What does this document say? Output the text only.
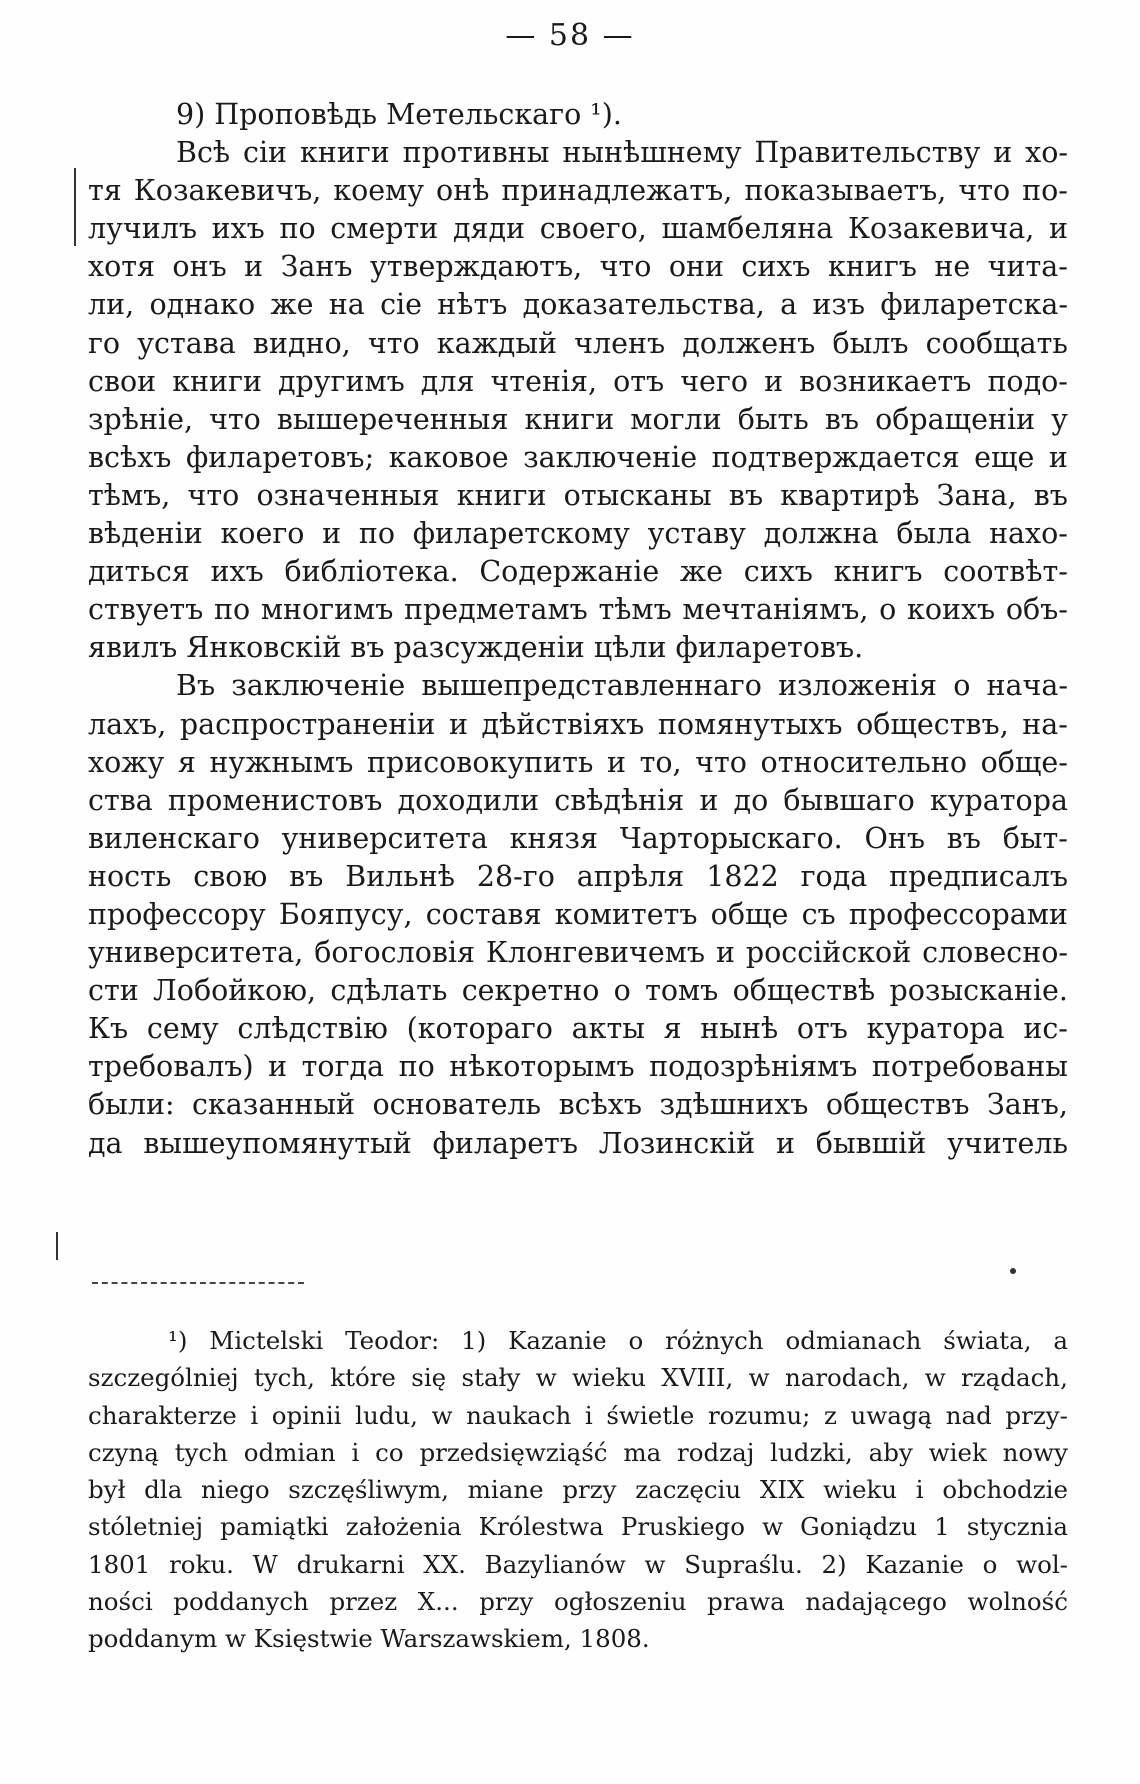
— 58 —
9) Проповѣдь Метельскаго ¹).
Всѣ сіи книги противны нынѣшнему Правительству и хо-
тя Козакевичъ, коему онѣ принадлежатъ, показываетъ, что по-
лучилъ ихъ по смерти дяди своего, шамбеляна Козакевича, и
хотя онъ и Занъ утверждаютъ, что они сихъ книгъ не чита-
ли, однако же на сіе нѣтъ доказательства, а изъ филаретска-
го устава видно, что каждый членъ долженъ былъ сообщать
свои книги другимъ для чтенія, отъ чего и возникаетъ подо-
зрѣніе, что вышереченныя книги могли быть въ обращеніи у
всѣхъ филаретовъ; каковое заключеніе подтверждается еще и
тѣмъ, что означенныя книги отысканы въ квартирѣ Зана, въ
вѣденіи коего и по филаретскому уставу должна была нахо-
диться ихъ библіотека. Содержаніе же сихъ книгъ соотвѣт-
ствуетъ по многимъ предметамъ тѣмъ мечтаніямъ, о коихъ объ-
явилъ Янковскій въ разсужденіи цѣли филаретовъ.
Въ заключеніе вышепредставленнаго изложенія о нача-
лахъ, распространеніи и дѣйствіяхъ помянутыхъ обществъ, на-
хожу я нужнымъ присовокупить и то, что относительно обще-
ства променистовъ доходили свѣдѣнія и до бывшаго куратора
виленскаго университета князя Чарторыскаго. Онъ въ быт-
ность свою въ Вильнѣ 28-го апрѣля 1822 года предписалъ
профессору Бояпусу, составя комитетъ обще съ профессорами
университета, богословія Клонгевичемъ и россійской словесно-
сти Лобойкою, сдѣлать секретно о томъ обществѣ розысканіе.
Къ сему слѣдствію (котораго акты я нынѣ отъ куратора ис-
требовалъ) и тогда по нѣкоторымъ подозрѣніямъ потребованы
были: сказанный основатель всѣхъ здѣшнихъ обществъ Занъ,
да вышеупомянутый филаретъ Лозинскій и бывшій учитель
¹) Mictelski Teodor: 1) Kazanie o różnych odmianach świata, a
szczególniej tych, które się stały w wieku XVIII, w narodach, w rządach,
charakterze i opinii ludu, w naukach i świetle rozumu; z uwagą nad przy-
czyną tych odmian i co przedsięwziąść ma rodzaj ludzki, aby wiek nowy
był dla niego szczęśliwym, miane przy zaczęciu XIX wieku i obchodzie
stóletniej pamiątki założenia Królestwa Pruskiego w Goniądzu 1 stycznia
1801 roku. W drukarni XX. Bazylianów w Supraślu. 2) Kazanie o wol-
ności poddanych przez X... przy ogłoszeniu prawa nadającego wolność
poddanym w Księstwie Warszawskiem, 1808.
